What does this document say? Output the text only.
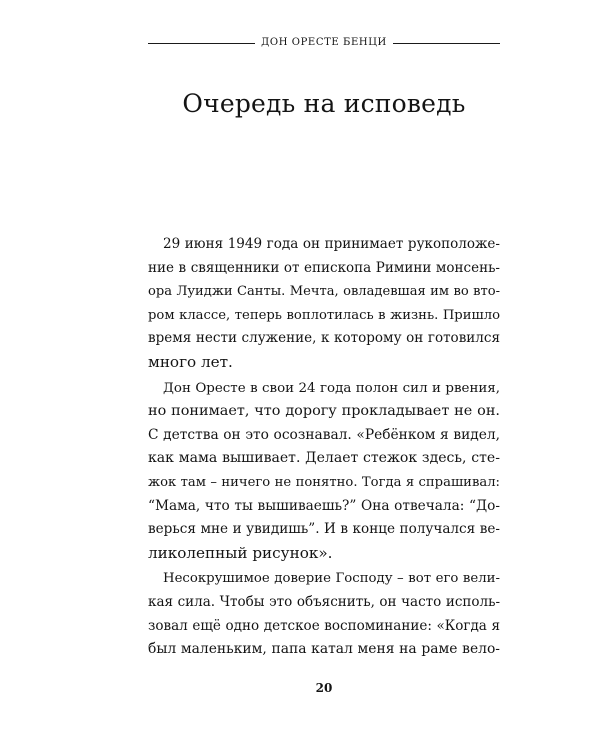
ДОН ОРЕСТЕ БЕНЦИ
Очередь на исповедь
29 июня 1949 года он принимает рукоположе-
ние в священники от епископа Римини монсень-
ора Луиджи Санты. Мечта, овладевшая им во вто-
ром классе, теперь воплотилась в жизнь. Пришло
время нести служение, к которому он готовился
много лет.
Дон Оресте в свои 24 года полон сил и рвения,
но понимает, что дорогу прокладывает не он.
С детства он это осознавал. «Ребёнком я видел,
как мама вышивает. Делает стежок здесь, сте-
жок там – ничего не понятно. Тогда я спрашивал:
“Мама, что ты вышиваешь?” Она отвечала: “До-
верься мне и увидишь”. И в конце получался ве-
ликолепный рисунок».
Несокрушимое доверие Господу – вот его вели-
кая сила. Чтобы это объяснить, он часто исполь-
зовал ещё одно детское воспоминание: «Когда я
был маленьким, папа катал меня на раме вело-
20
